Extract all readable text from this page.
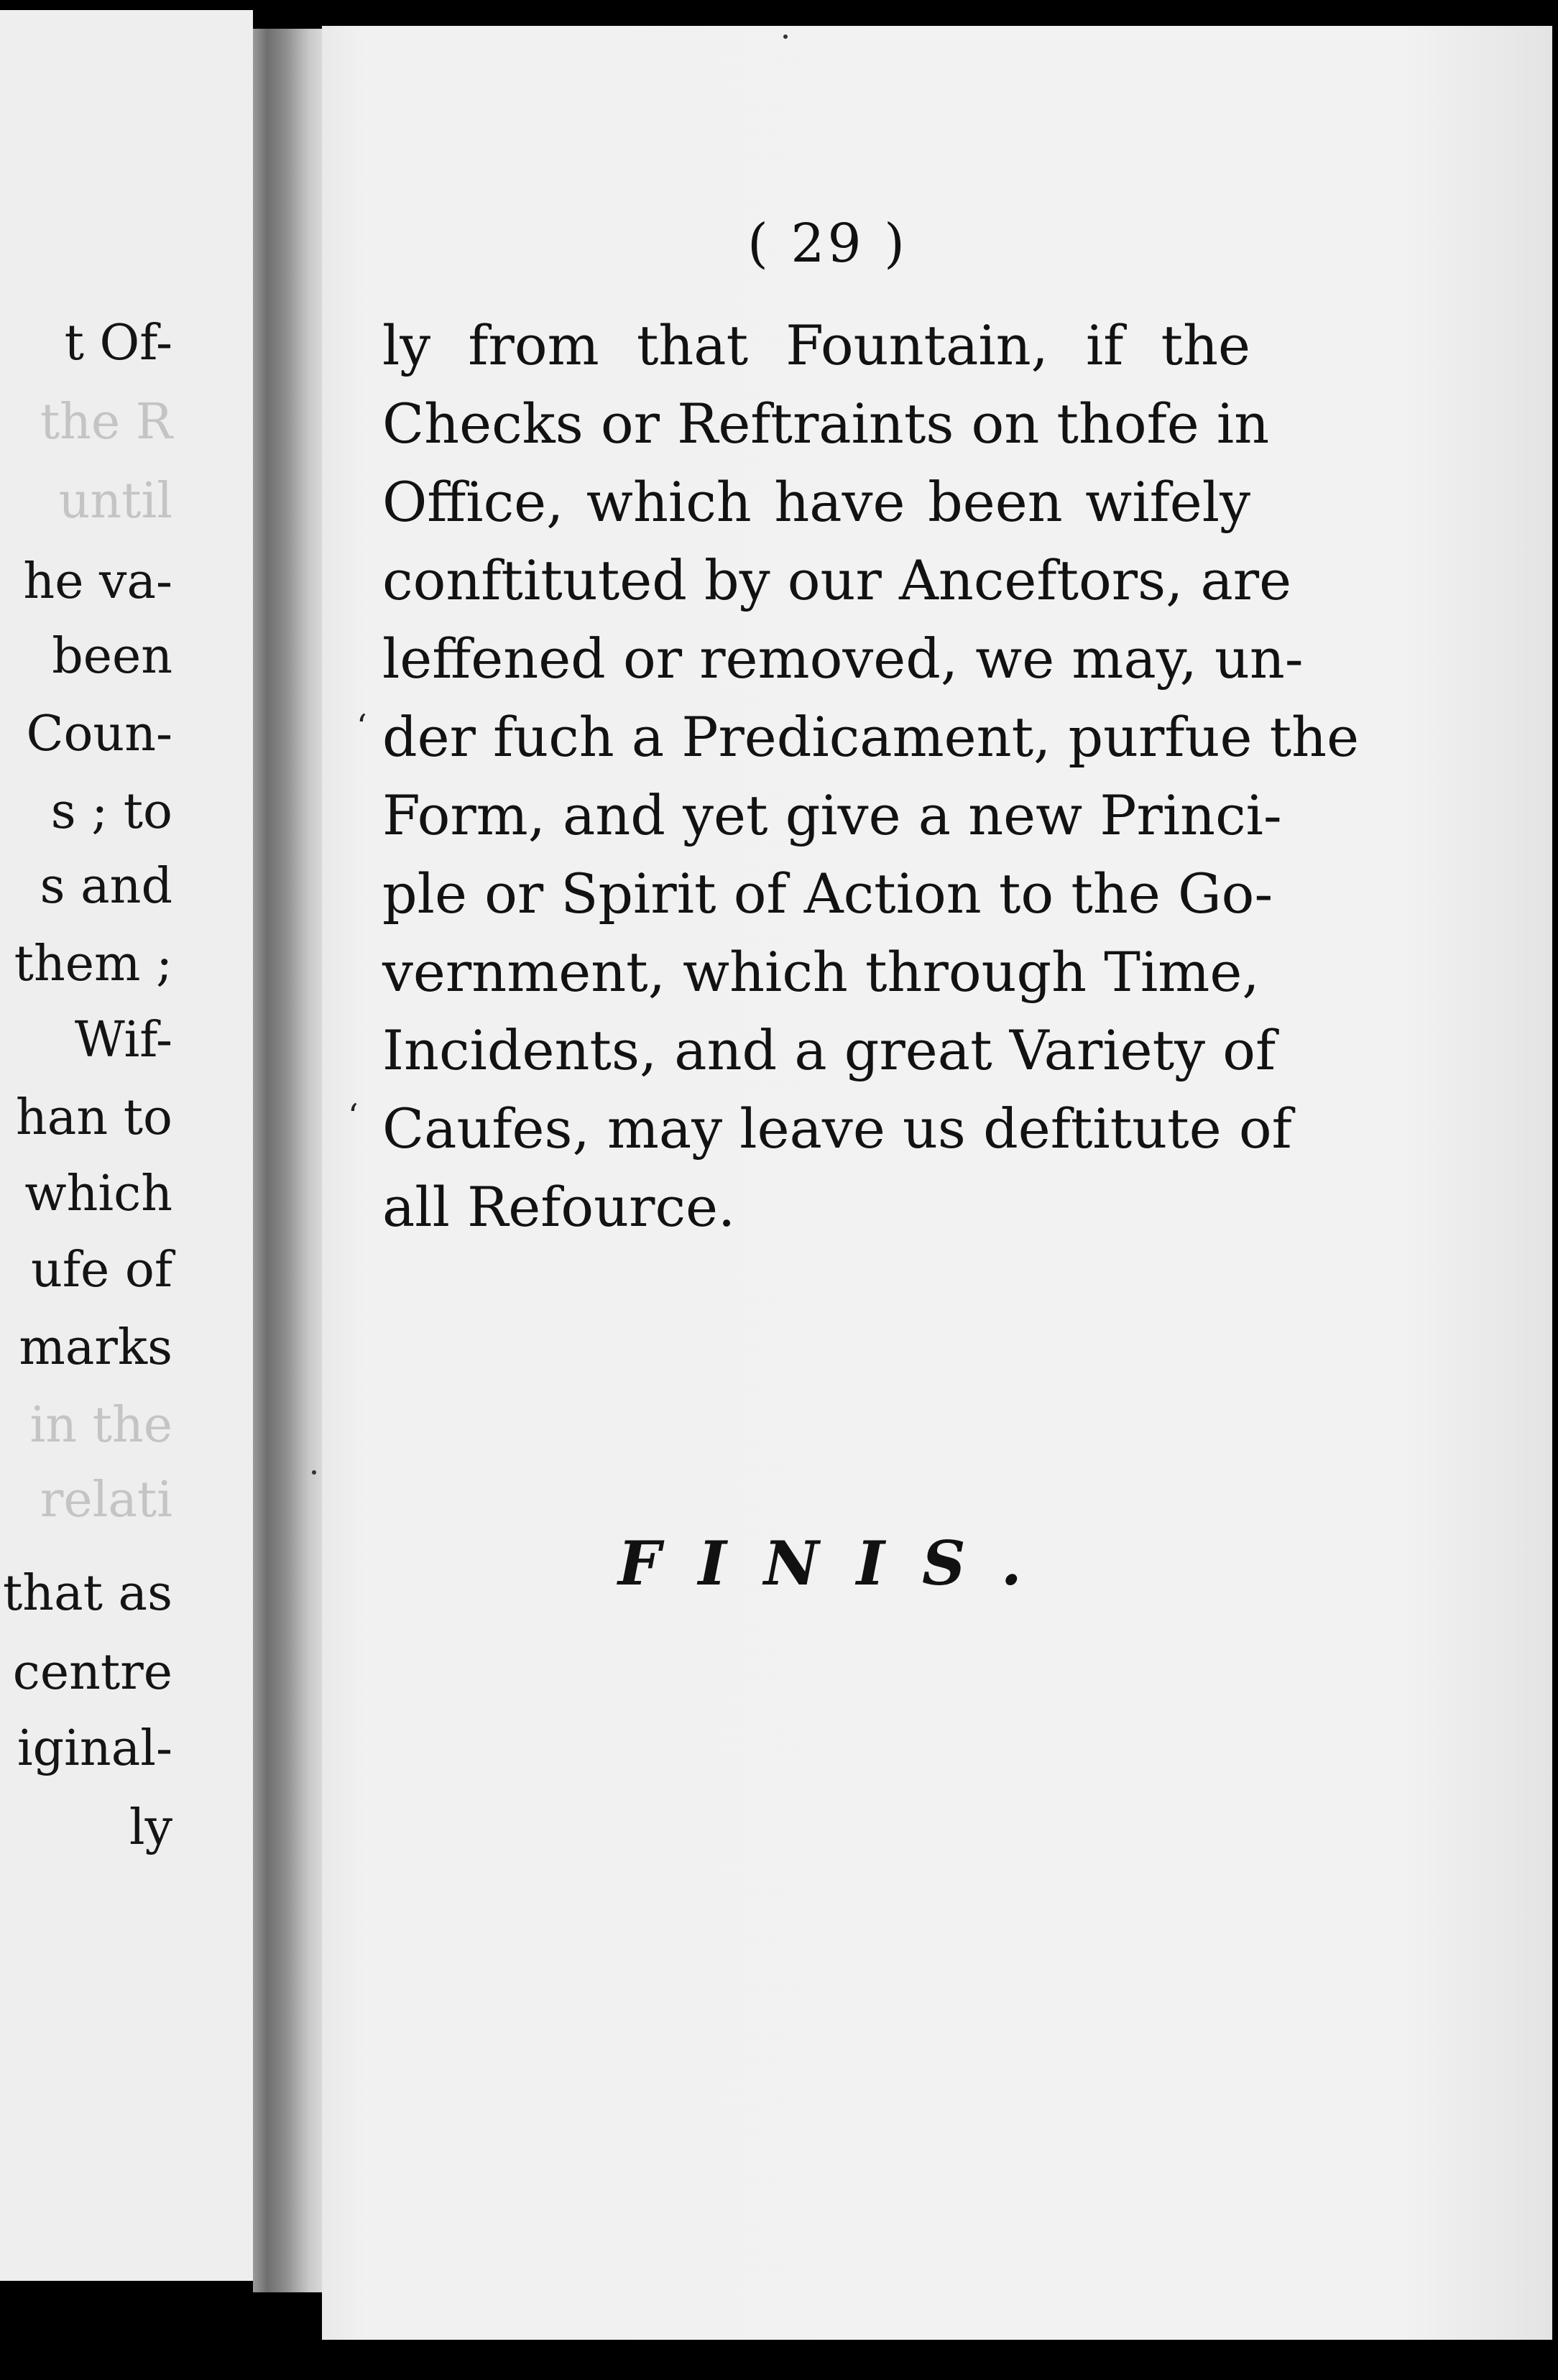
t Of-
the R
until
he va-
been
Coun-
s ; to
s and
them ;
Wif-
han to
which
ufe of
marks
in the
relati
that as
centre
iginal-
ly
( 29 )
ly from that Fountain, if the
Checks or Reftraints on thofe in
Office, which have been wifely
conftituted by our Anceftors, are
leffened or removed, we may, un-
der fuch a Predicament, purfue the
Form, and yet give a new Princi-
ple or Spirit of Action to the Go-
vernment, which through Time,
Incidents, and a great Variety of
Caufes, may leave us deftitute of
all Refource.
FINIS.
ʻ
ʻ
